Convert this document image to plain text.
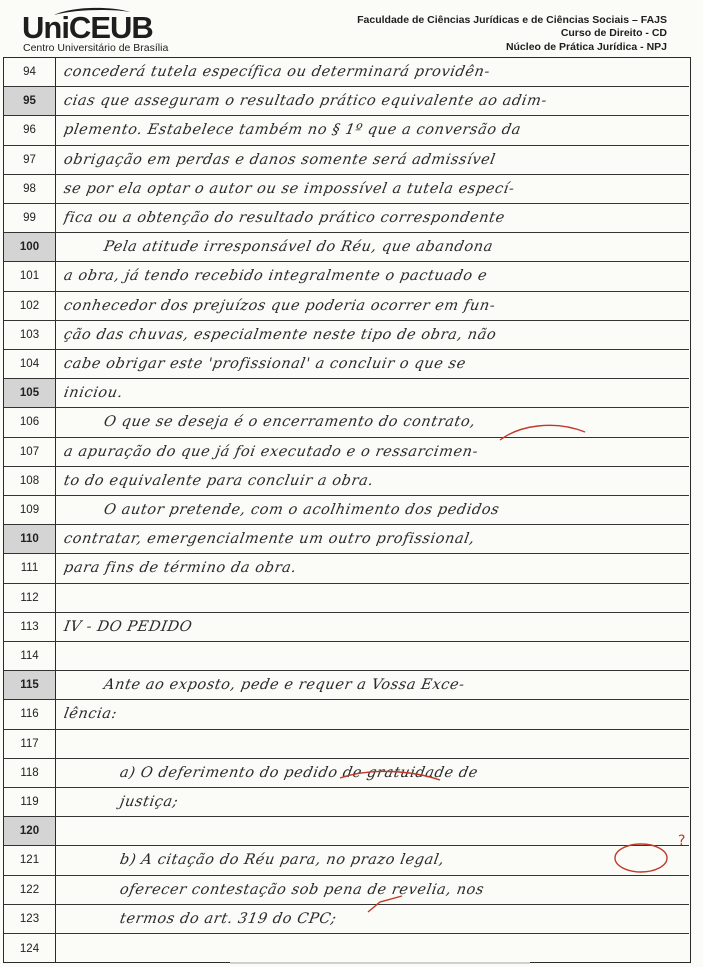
UniCEUB
Centro Universitário de Brasília
Faculdade de Ciências Jurídicas e de Ciências Sociais – FAJS
Curso de Direito - CD
Núcleo de Prática Jurídica - NPJ
94	concederá tutela específica ou determinará providên-
95	cias que asseguram o resultado prático equivalente ao adim-
96	plemento. Estabelece também no § 1º que a conversão da
97	obrigação em perdas e danos somente será admissível
98	se por ela optar o autor ou se impossível a tutela especí-
99	fica ou a obtenção do resultado prático correspondente
100	Pela atitude irresponsável do Réu, que abandona
101	a obra, já tendo recebido integralmente o pactuado e
102	conhecedor dos prejuízos que poderia ocorrer em fun-
103	ção das chuvas, especialmente neste tipo de obra, não
104	cabe obrigar este 'profissional' a concluir o que se
105	iniciou.
106	O que se deseja é o encerramento do contrato,
107	a apuração do que já foi executado e o ressarcimen-
108	to do equivalente para concluir a obra.
109	O autor pretende, com o acolhimento dos pedidos
110	contratar, emergencialmente um outro profissional,
111	para fins de término da obra.
112
113	IV - DO PEDIDO
114
115	Ante ao exposto, pede e requer a Vossa Exce-
116	lência:
117
118	a) O deferimento do pedido de gratuidade de
119	justiça;
120
121	b) A citação do Réu para, no prazo legal,
122	oferecer contestação sob pena de revelia, nos
123	termos do art. 319 do CPC;
124
?
